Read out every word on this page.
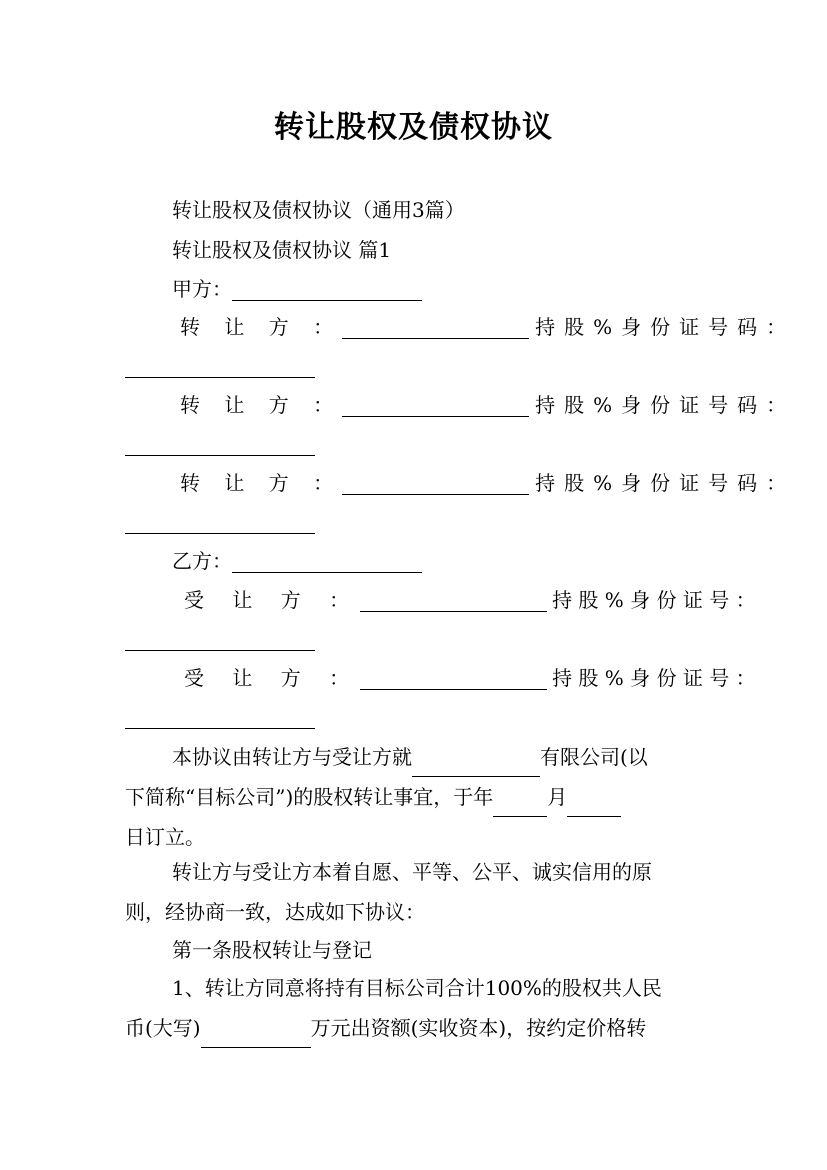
转让股权及债权协议
转让股权及债权协议（通用3篇）
转让股权及债权协议 篇1
甲方：
转 让 方 ：	持股%身份证号码：
转 让 方 ：	持股%身份证号码：
转 让 方 ：	持股%身份证号码：
乙方：
受 让 方 ：	持 股 % 身 份 证 号 ：
受 让 方 ：	持 股 % 身 份 证 号 ：
本协议由转让方与受让方就	有限公司(以
下简称“目标公司”)的股权转让事宜，于年	月
日订立。
转让方与受让方本着自愿、平等、公平、诚实信用的原
则，经协商一致，达成如下协议：
第一条股权转让与登记
1、转让方同意将持有目标公司合计100%的股权共人民
币(大写)	万元出资额(实收资本)，按约定价格转
